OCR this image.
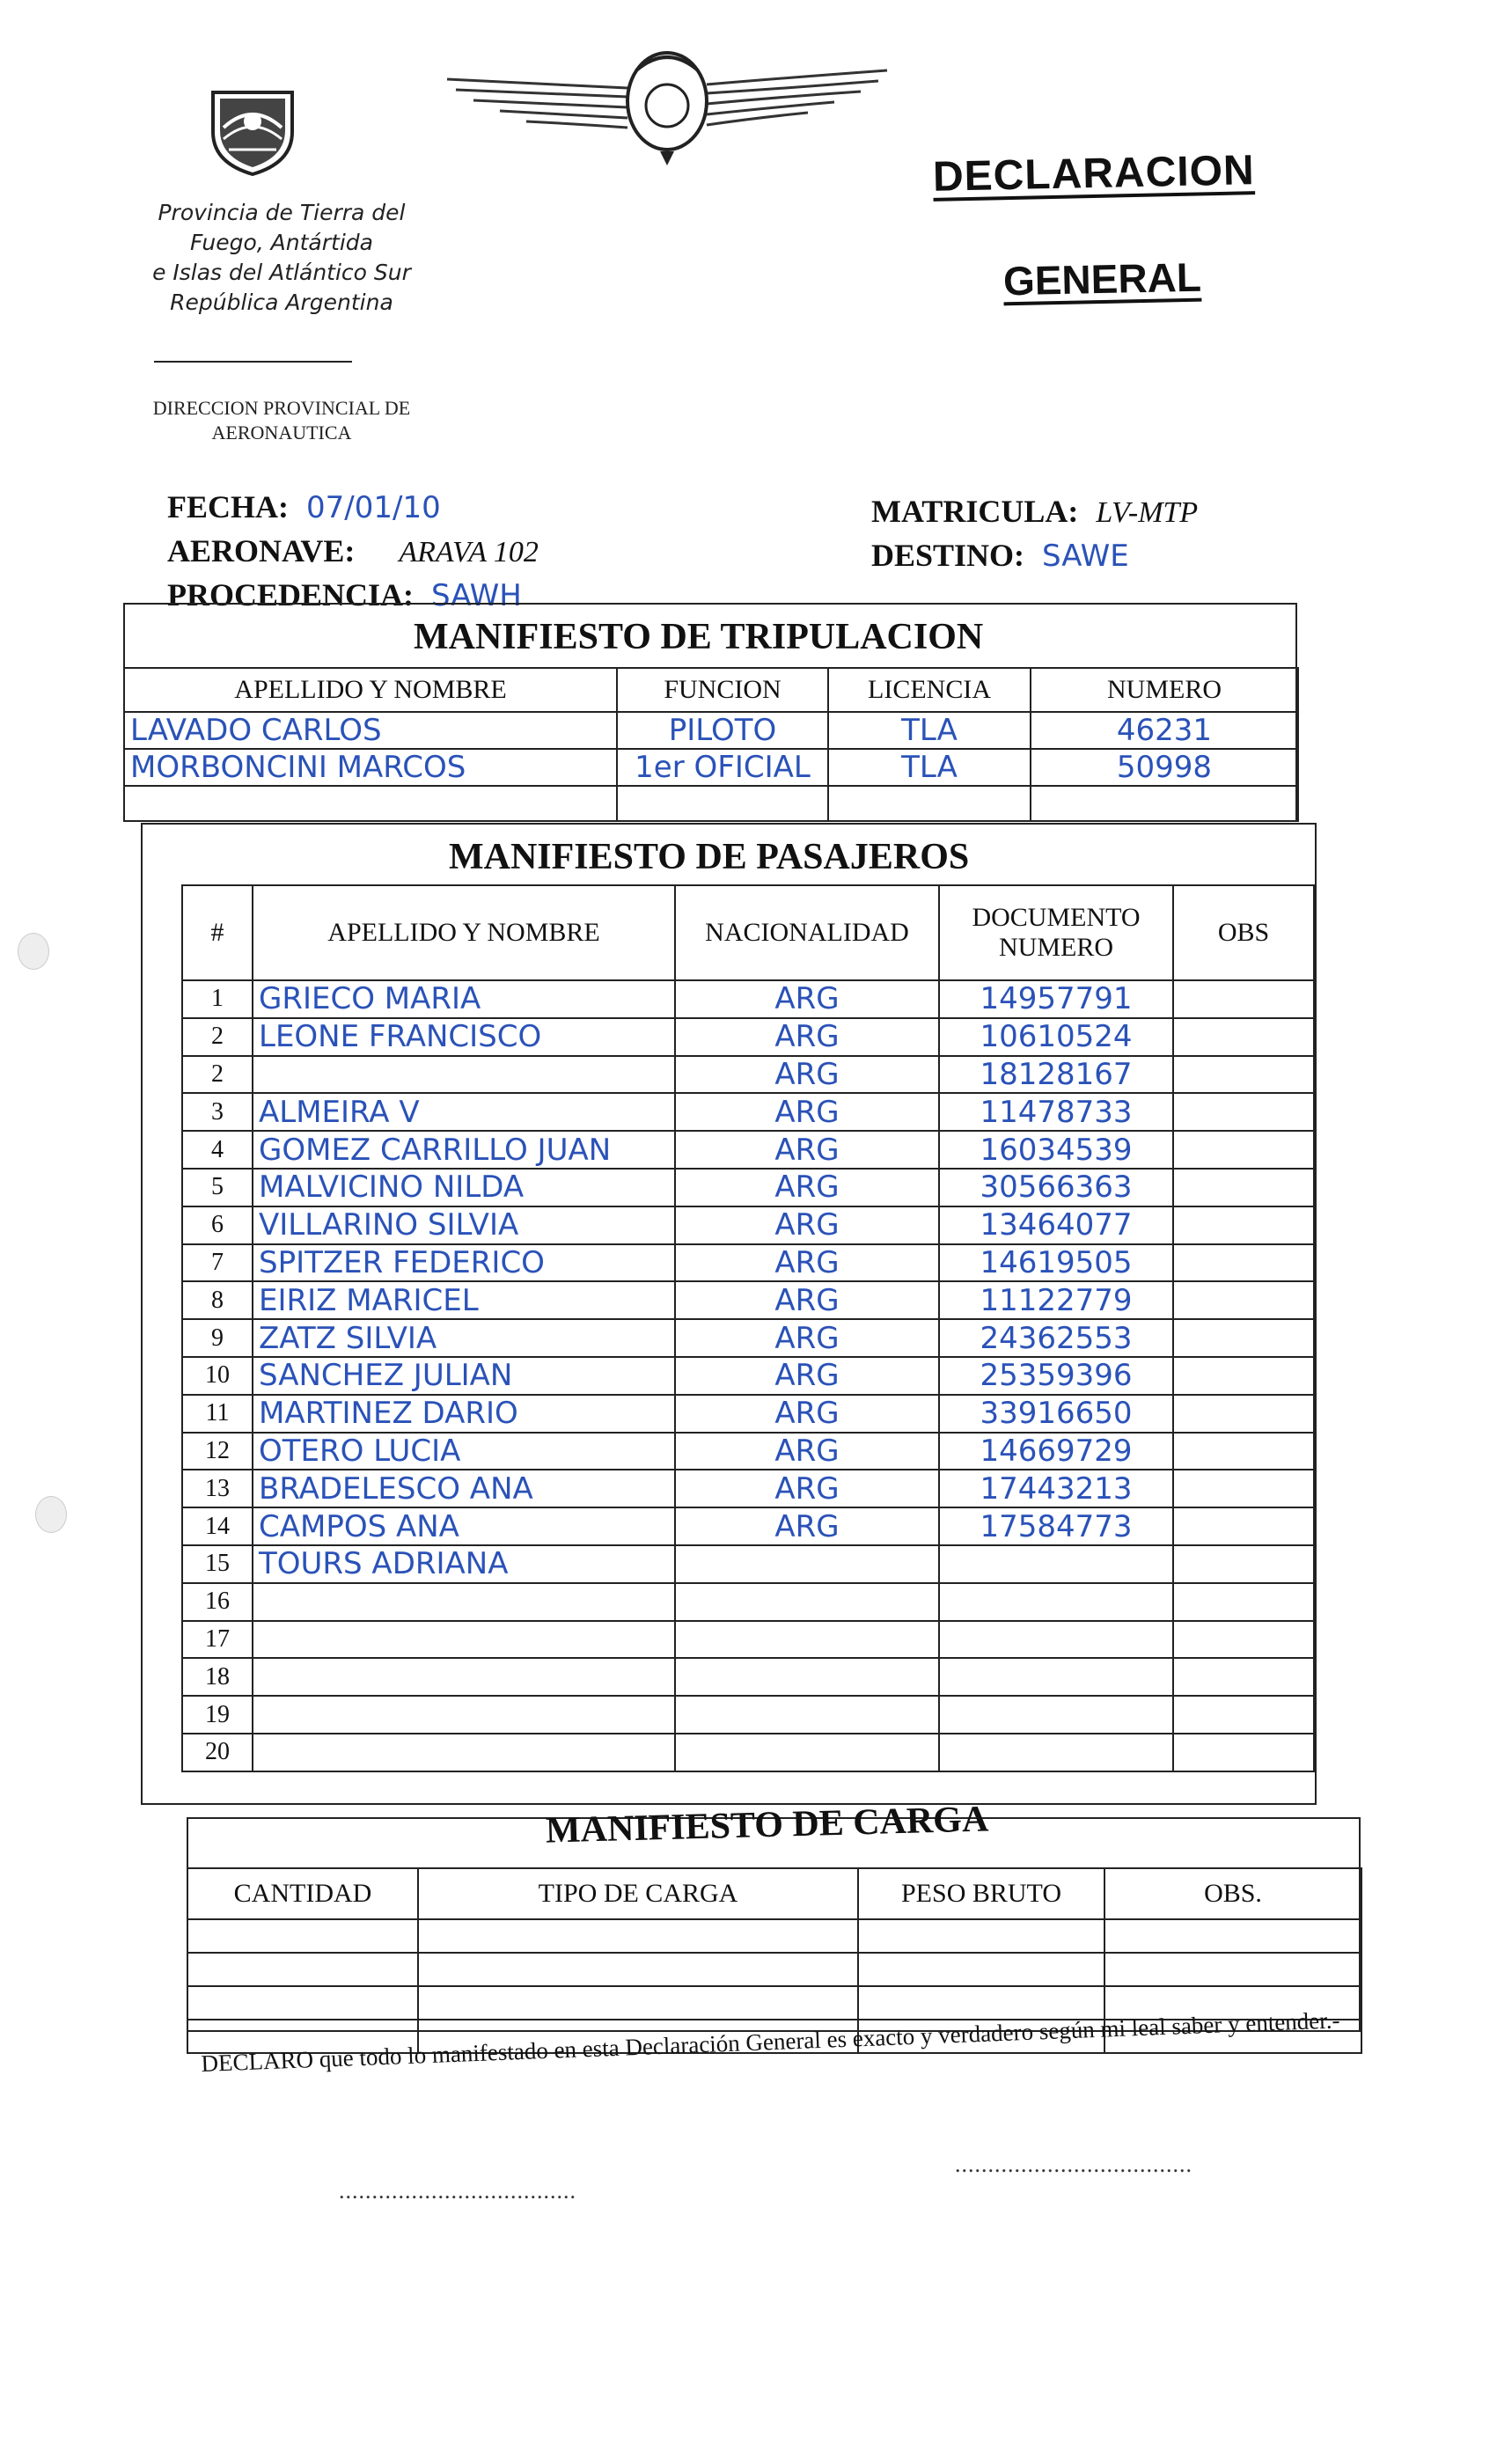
Provincia de Tierra del
Fuego, Antártida
e Islas del Atlántico Sur
República Argentina
DIRECCION PROVINCIAL DE
AERONAUTICA
DECLARACION
GENERAL
FECHA: 07/01/10
AERONAVE: ARAVA 102
PROCEDENCIA: SAWH
MATRICULA: LV-MTP
DESTINO: SAWE
MANIFIESTO DE TRIPULACION
APELLIDO Y NOMBRE	FUNCION	LICENCIA	NUMERO
LAVADO CARLOS	PILOTO	TLA	46231
MORBONCINI MARCOS	1er OFICIAL	TLA	50998

MANIFIESTO DE PASAJEROS
#	APELLIDO Y NOMBRE	NACIONALIDAD	DOCUMENTO NUMERO	OBS
1	GRIECO MARIA	ARG	14957791	
2	LEONE FRANCISCO	ARG	10610524	
2		ARG	18128167	
3	ALMEIRA V	ARG	11478733	
4	GOMEZ CARRILLO JUAN	ARG	16034539	
5	MALVICINO NILDA	ARG	30566363	
6	VILLARINO SILVIA	ARG	13464077	
7	SPITZER FEDERICO	ARG	14619505	
8	EIRIZ MARICEL	ARG	11122779	
9	ZATZ SILVIA	ARG	24362553	
10	SANCHEZ JULIAN	ARG	25359396	
11	MARTINEZ DARIO	ARG	33916650	
12	OTERO LUCIA	ARG	14669729	
13	BRADELESCO ANA	ARG	17443213	
14	CAMPOS ANA	ARG	17584773	
15	TOURS ADRIANA			
16				
17				
18				
19				
20				
MANIFIESTO DE CARGA
CANTIDAD	TIPO DE CARGA	PESO BRUTO	OBS.

DECLARO que todo lo manifestado en esta Declaración General es exacto y verdadero según mi leal saber y entender.-
....................................
....................................
